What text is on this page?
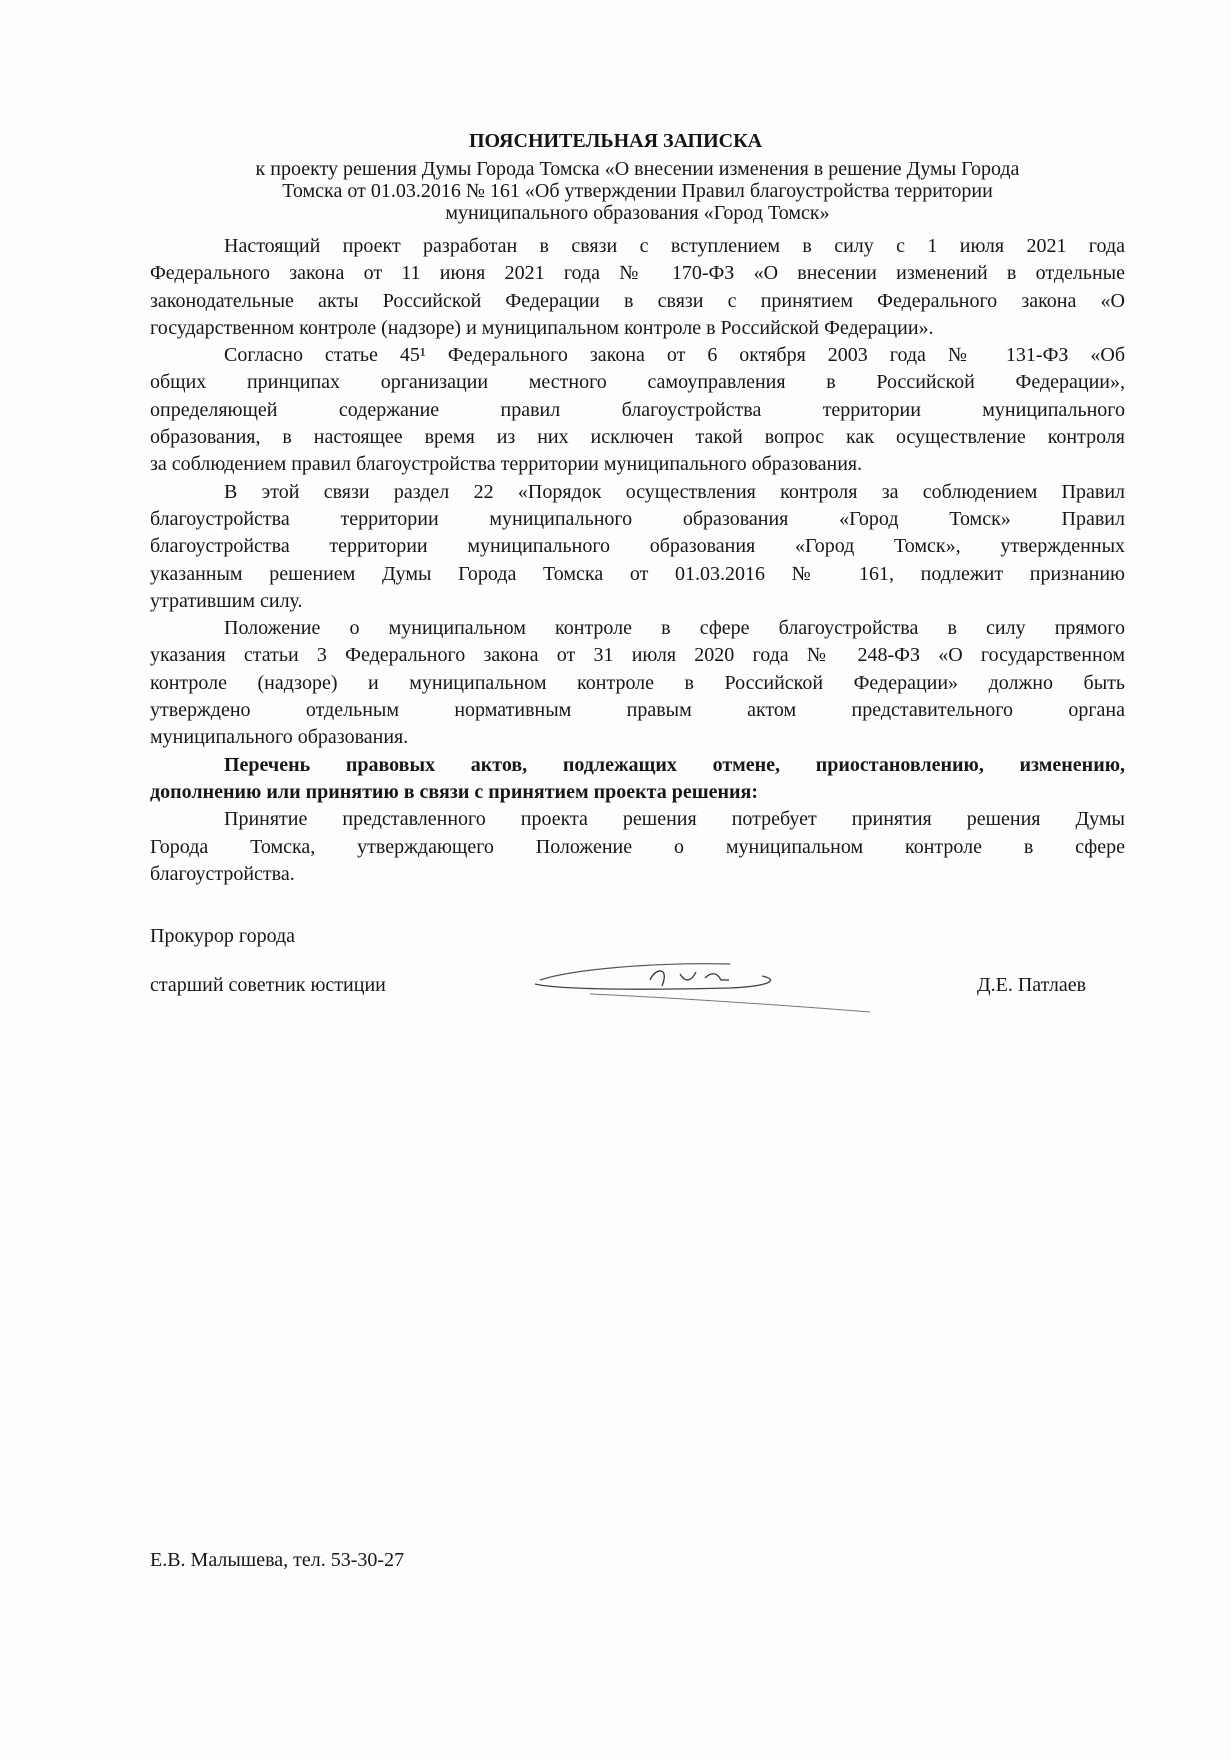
ПОЯСНИТЕЛЬНАЯ ЗАПИСКА
к проекту решения Думы Города Томска «О внесении изменения в решение Думы Города
Томска от 01.03.2016 № 161 «Об утверждении Правил благоустройства территории
муниципального образования «Город Томск»
Настоящий проект разработан в связи с вступлением в силу с 1 июля 2021 года
Федерального закона от 11 июня 2021 года № 170-ФЗ «О внесении изменений в отдельные
законодательные акты Российской Федерации в связи с принятием Федерального закона «О
государственном контроле (надзоре) и муниципальном контроле в Российской Федерации».
Согласно статье 45¹ Федерального закона от 6 октября 2003 года № 131-ФЗ «Об
общих принципах организации местного самоуправления в Российской Федерации»,
определяющей содержание правил благоустройства территории муниципального
образования, в настоящее время из них исключен такой вопрос как осуществление контроля
за соблюдением правил благоустройства территории муниципального образования.
В этой связи раздел 22 «Порядок осуществления контроля за соблюдением Правил
благоустройства территории муниципального образования «Город Томск» Правил
благоустройства территории муниципального образования «Город Томск», утвержденных
указанным решением Думы Города Томска от 01.03.2016 № 161, подлежит признанию
утратившим силу.
Положение о муниципальном контроле в сфере благоустройства в силу прямого
указания статьи 3 Федерального закона от 31 июля 2020 года № 248-ФЗ «О государственном
контроле (надзоре) и муниципальном контроле в Российской Федерации» должно быть
утверждено отдельным нормативным правым актом представительного органа
муниципального образования.
Перечень правовых актов, подлежащих отмене, приостановлению, изменению,
дополнению или принятию в связи с принятием проекта решения:
Принятие представленного проекта решения потребует принятия решения Думы
Города Томска, утверждающего Положение о муниципальном контроле в сфере
благоустройства.
Прокурор города
старший советник юстиции	Д.Е. Патлаев
Е.В. Малышева, тел. 53-30-27
